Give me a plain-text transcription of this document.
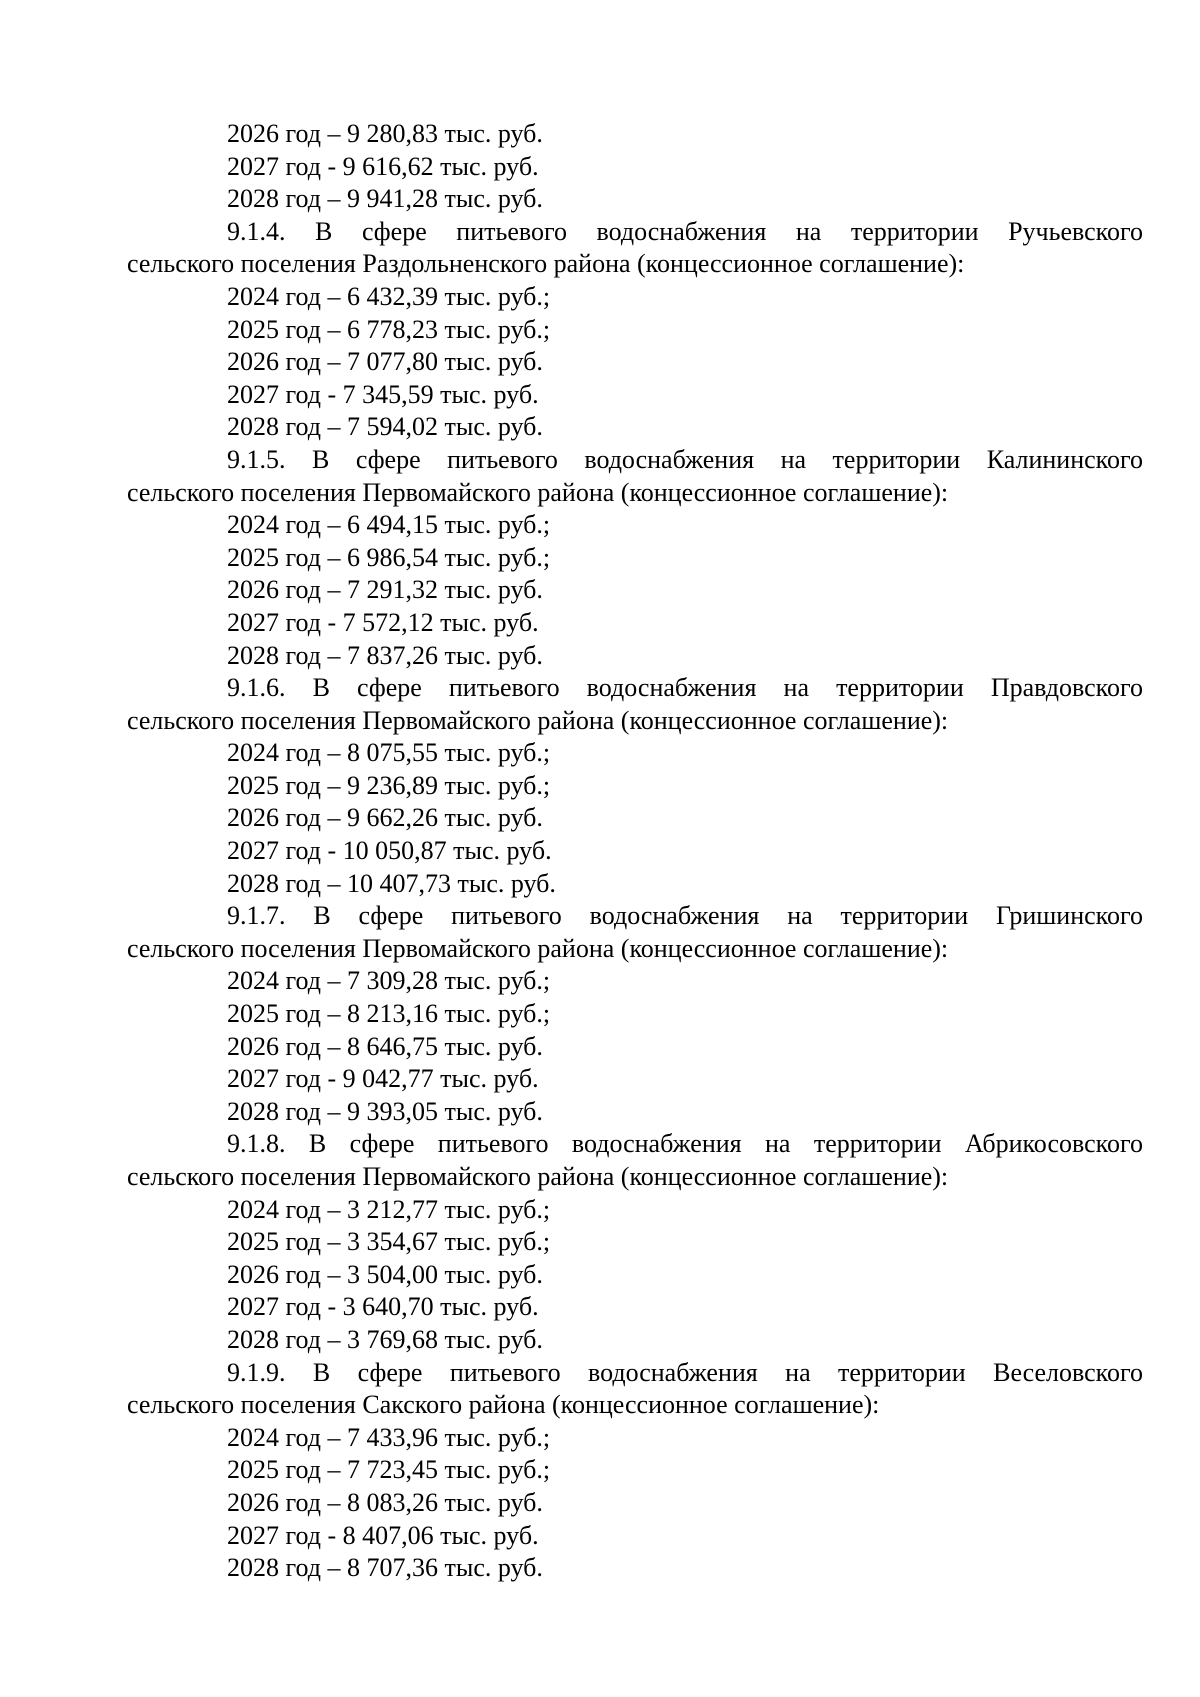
2026 год – 9 280,83 тыс. руб.
2027 год - 9 616,62 тыс. руб.
2028 год – 9 941,28 тыс. руб.
9.1.4. В сфере питьевого водоснабжения на территории Ручьевского
сельского поселения Раздольненского района (концессионное соглашение):
2024 год – 6 432,39 тыс. руб.;
2025 год – 6 778,23 тыс. руб.;
2026 год – 7 077,80 тыс. руб.
2027 год - 7 345,59 тыс. руб.
2028 год – 7 594,02 тыс. руб.
9.1.5. В сфере питьевого водоснабжения на территории Калининского
сельского поселения Первомайского района (концессионное соглашение):
2024 год – 6 494,15 тыс. руб.;
2025 год – 6 986,54 тыс. руб.;
2026 год – 7 291,32 тыс. руб.
2027 год - 7 572,12 тыс. руб.
2028 год – 7 837,26 тыс. руб.
9.1.6. В сфере питьевого водоснабжения на территории Правдовского
сельского поселения Первомайского района (концессионное соглашение):
2024 год – 8 075,55 тыс. руб.;
2025 год – 9 236,89 тыс. руб.;
2026 год – 9 662,26 тыс. руб.
2027 год - 10 050,87 тыс. руб.
2028 год – 10 407,73 тыс. руб.
9.1.7. В сфере питьевого водоснабжения на территории Гришинского
сельского поселения Первомайского района (концессионное соглашение):
2024 год – 7 309,28 тыс. руб.;
2025 год – 8 213,16 тыс. руб.;
2026 год – 8 646,75 тыс. руб.
2027 год - 9 042,77 тыс. руб.
2028 год – 9 393,05 тыс. руб.
9.1.8. В сфере питьевого водоснабжения на территории Абрикосовского
сельского поселения Первомайского района (концессионное соглашение):
2024 год – 3 212,77 тыс. руб.;
2025 год – 3 354,67 тыс. руб.;
2026 год – 3 504,00 тыс. руб.
2027 год - 3 640,70 тыс. руб.
2028 год – 3 769,68 тыс. руб.
9.1.9. В сфере питьевого водоснабжения на территории Веселовского
сельского поселения Сакского района (концессионное соглашение):
2024 год – 7 433,96 тыс. руб.;
2025 год – 7 723,45 тыс. руб.;
2026 год – 8 083,26 тыс. руб.
2027 год - 8 407,06 тыс. руб.
2028 год – 8 707,36 тыс. руб.
